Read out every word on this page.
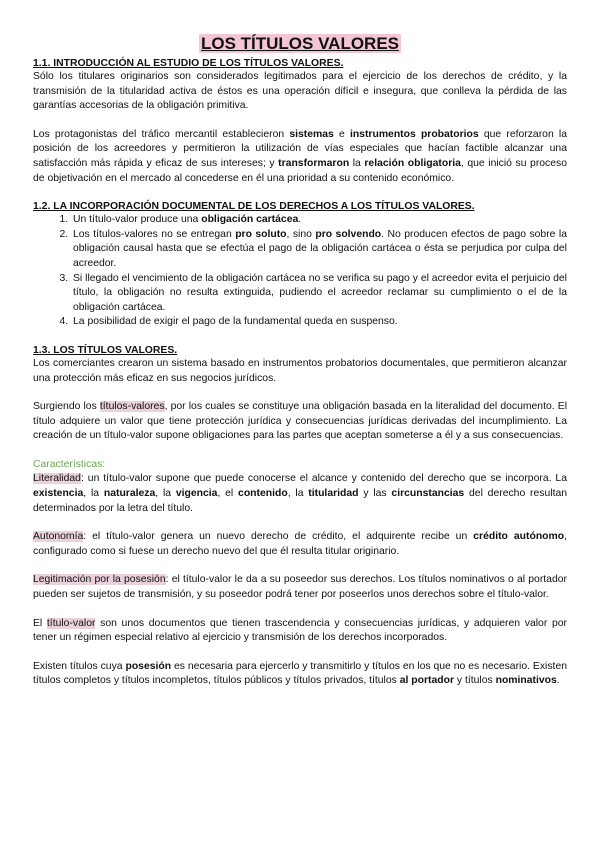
LOS TÍTULOS VALORES
1.1. INTRODUCCIÓN AL ESTUDIO DE LOS TÍTULOS VALORES.

Sólo los titulares originarios son considerados legitimados para el ejercicio de los derechos de crédito, y la transmisión de la titularidad activa de éstos es una operación difícil e insegura, que conlleva la pérdida de las garantías accesorias de la obligación primitiva.

Los protagonistas del tráfico mercantil establecieron sistemas e instrumentos probatorios que reforzaron la posición de los acreedores y permitieron la utilización de vías especiales que hacían factible alcanzar una satisfacción más rápida y eficaz de sus intereses; y transformaron la relación obligatoria, que inició su proceso de objetivación en el mercado al concederse en él una prioridad a su contenido económico.

1.2. LA INCORPORACIÓN DOCUMENTAL DE LOS DERECHOS A LOS TÍTULOS VALORES.
1. Un título-valor produce una obligación cartácea.
2. Los títulos-valores no se entregan pro soluto, sino pro solvendo. No producen efectos de pago sobre la obligación causal hasta que se efectúa el pago de la obligación cartácea o ésta se perjudica por culpa del acreedor.
3. Si llegado el vencimiento de la obligación cartácea no se verifica su pago y el acreedor evita el perjuicio del título, la obligación no resulta extinguida, pudiendo el acreedor reclamar su cumplimiento o el de la obligación cartácea.
4. La posibilidad de exigir el pago de la fundamental queda en suspenso.
1.3. LOS TÍTULOS VALORES.

Los comerciantes crearon un sistema basado en instrumentos probatorios documentales, que permitieron alcanzar una protección más eficaz en sus negocios jurídicos.

Surgiendo los títulos-valores, por los cuales se constituye una obligación basada en la literalidad del documento. El título adquiere un valor que tiene protección jurídica y consecuencias jurídicas derivadas del incumplimiento. La creación de un título-valor supone obligaciones para las partes que aceptan someterse a él y a sus consecuencias.

Características:

Literalidad: un título-valor supone que puede conocerse el alcance y contenido del derecho que se incorpora. La existencia, la naturaleza, la vigencia, el contenido, la titularidad y las circunstancias del derecho resultan determinados por la letra del título.

Autonomía: el título-valor genera un nuevo derecho de crédito, el adquirente recibe un crédito autónomo, configurado como si fuese un derecho nuevo del que él resulta titular originario.

Legitimación por la posesión: el título-valor le da a su poseedor sus derechos. Los títulos nominativos o al portador pueden ser sujetos de transmisión, y su poseedor podrá tener por poseerlos unos derechos sobre el título-valor.

El título-valor son unos documentos que tienen trascendencia y consecuencias jurídicas, y adquieren valor por tener un régimen especial relativo al ejercicio y transmisión de los derechos incorporados.

Existen títulos cuya posesión es necesaria para ejercerlo y transmitirlo y títulos en los que no es necesario. Existen títulos completos y títulos incompletos, títulos públicos y títulos privados, títulos al portador y títulos nominativos.
